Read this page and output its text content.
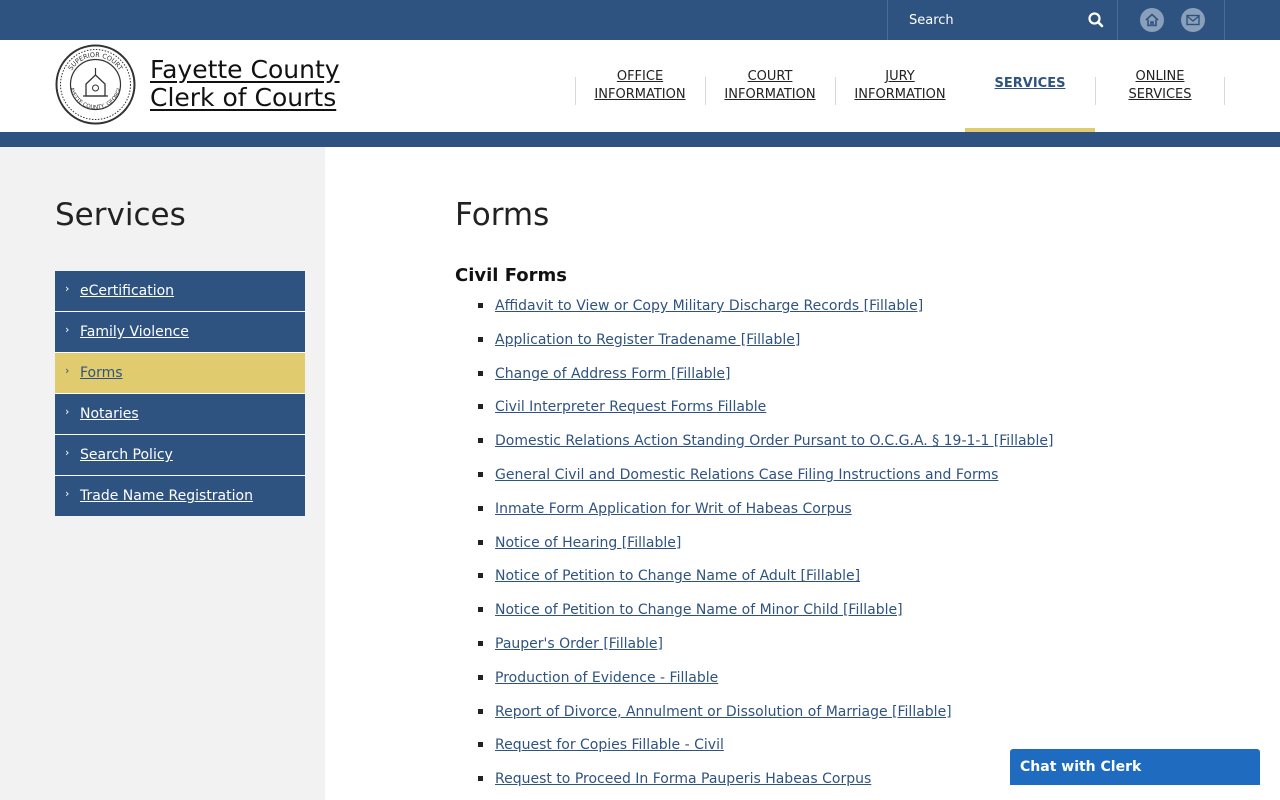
Search
SUPERIOR COURT
AYETTE COUNTY, GEORGI
Fayette County
Clerk of Courts
OFFICE INFORMATION
COURT INFORMATION
JURY INFORMATION
SERVICES	ONLINE SERVICES
Services
› eCertification
› Family Violence
› Forms
› Notaries
› Search Policy
› Trade Name Registration
Forms
Civil Forms
Affidavit to View or Copy Military Discharge Records [Fillable]
Application to Register Tradename [Fillable]
Change of Address Form [Fillable]
Civil Interpreter Request Forms Fillable
Domestic Relations Action Standing Order Pursant to O.C.G.A. § 19-1-1 [Fillable]
General Civil and Domestic Relations Case Filing Instructions and Forms
Inmate Form Application for Writ of Habeas Corpus
Notice of Hearing [Fillable]
Notice of Petition to Change Name of Adult [Fillable]
Notice of Petition to Change Name of Minor Child [Fillable]
Pauper's Order [Fillable]
Production of Evidence - Fillable
Report of Divorce, Annulment or Dissolution of Marriage [Fillable]
Request for Copies Fillable - Civil
Request to Proceed In Forma Pauperis Habeas Corpus
Chat with Clerk
